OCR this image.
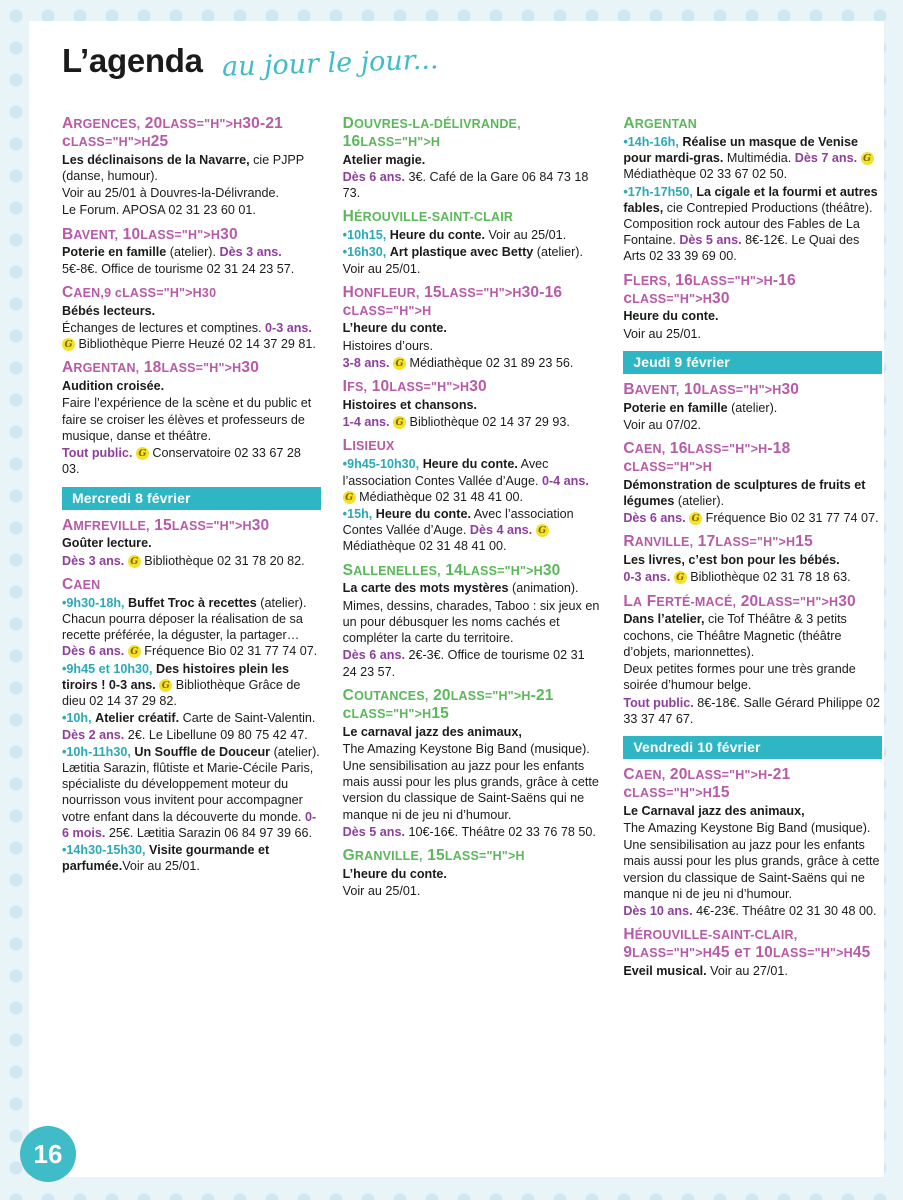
L’agenda au jour le jour...
ARGENCES, 20LASS="H">H30-21 cLASS="H">H25
Les déclinaisons de la Navarre, cie PJPP (danse, humour).
Voir au 25/01 à Douvres-la-Délivrande.
Le Forum. APOSA 02 31 23 60 01.
BAVENT, 10LASS="H">H30
Poterie en famille (atelier). Dès 3 ans. 5€-8€. Office de tourisme 02 31 24 23 57.
CAEN,9 cLASS="H">H30
Bébés lecteurs.
Échanges de lectures et comptines. 0-3 ans. G Bibliothèque Pierre Heuzé 02 14 37 29 81.
ARGENTAN, 18LASS="H">H30
Audition croisée.
Faire l’expérience de la scène et du public et faire se croiser les élèves et professeurs de musique, danse et théâtre.
Tout public. G Conservatoire 02 33 67 28 03.
Mercredi 8 février
AMFREVILLE, 15LASS="H">H30
Goûter lecture.
Dès 3 ans. G Bibliothèque 02 31 78 20 82.
CAEN
•9h30-18h, Buffet Troc à recettes (atelier). Chacun pourra déposer la réalisation de sa recette préférée, la déguster, la partager… Dès 6 ans. G Fréquence Bio 02 31 77 74 07.
•9h45 et 10h30, Des histoires plein les tiroirs ! 0-3 ans. G Bibliothèque Grâce de dieu 02 14 37 29 82.
•10h, Atelier créatif. Carte de Saint-Valentin. Dès 2 ans. 2€. Le Libellune 09 80 75 42 47.
•10h-11h30, Un Souffle de Douceur (atelier). Lætitia Sarazin, flûtiste et Marie-Cécile Paris, spécialiste du développement moteur du nourrisson vous invitent pour accompagner votre enfant dans la découverte du monde. 0-6 mois. 25€. Lætitia Sarazin 06 84 97 39 66.
•14h30-15h30, Visite gourmande et parfumée.Voir au 25/01.
DOUVRES-LA-DÉLIVRANDE, 16LASS="H">H
Atelier magie.
Dès 6 ans. 3€. Café de la Gare 06 84 73 18 73.
HÉROUVILLE-SAINT-CLAIR
•10h15, Heure du conte. Voir au 25/01.
•16h30, Art plastique avec Betty (atelier). Voir au 25/01.
HONFLEUR, 15LASS="H">H30-16 cLASS="H">H
L’heure du conte.
Histoires d’ours.
3-8 ans. G Médiathèque 02 31 89 23 56.
IFS, 10LASS="H">H30
Histoires et chansons.
1-4 ans. G Bibliothèque 02 14 37 29 93.
LISIEUX
•9h45-10h30, Heure du conte. Avec l’association Contes Vallée d’Auge. 0-4 ans. G Médiathèque 02 31 48 41 00.
•15h, Heure du conte. Avec l’association Contes Vallée d’Auge. Dès 4 ans. G Médiathèque 02 31 48 41 00.
SALLENELLES, 14LASS="H">H30
La carte des mots mystères (animation).
Mimes, dessins, charades, Taboo : six jeux en un pour débusquer les noms cachés et compléter la carte du territoire.
Dès 6 ans. 2€-3€. Office de tourisme 02 31 24 23 57.
COUTANCES, 20LASS="H">H-21 cLASS="H">H15
Le carnaval jazz des animaux,
The Amazing Keystone Big Band (musique).
Une sensibilisation au jazz pour les enfants mais aussi pour les plus grands, grâce à cette version du classique de Saint-Saëns qui ne manque ni de jeu ni d’humour.
Dès 5 ans. 10€-16€. Théâtre 02 33 76 78 50.
GRANVILLE, 15LASS="H">H
L’heure du conte.
Voir au 25/01.
ARGENTAN
•14h-16h, Réalise un masque de Venise pour mardi-gras. Multimédia. Dès 7 ans. G Médiathèque 02 33 67 02 50.
•17h-17h50, La cigale et la fourmi et autres fables, cie Contrepied Productions (théâtre). Composition rock autour des Fables de La Fontaine. Dès 5 ans. 8€-12€. Le Quai des Arts 02 33 39 69 00.
FLERS, 16LASS="H">H-16 cLASS="H">H30
Heure du conte.
Voir au 25/01.
Jeudi 9 février
BAVENT, 10LASS="H">H30
Poterie en famille (atelier).
Voir au 07/02.
CAEN, 16LASS="H">H-18 cLASS="H">H
Démonstration de sculptures de fruits et légumes (atelier).
Dès 6 ans. G Fréquence Bio 02 31 77 74 07.
RANVILLE, 17LASS="H">H15
Les livres, c’est bon pour les bébés.
0-3 ans. G Bibliothèque 02 31 78 18 63.
LA FERTÉ-MACÉ, 20LASS="H">H30
Dans l’atelier, cie Tof Théâtre & 3 petits cochons, cie Théâtre Magnetic (théâtre d’objets, marionnettes).
Deux petites formes pour une très grande soirée d’humour belge.
Tout public. 8€-18€. Salle Gérard Philippe 02 33 37 47 67.
Vendredi 10 février
CAEN, 20LASS="H">H-21 cLASS="H">H15
Le Carnaval jazz des animaux,
The Amazing Keystone Big Band (musique).
Une sensibilisation au jazz pour les enfants mais aussi pour les plus grands, grâce à cette version du classique de Saint-Saëns qui ne manque ni de jeu ni d’humour.
Dès 10 ans. 4€-23€. Théâtre 02 31 30 48 00.
HÉROUVILLE-SAINT-CLAIR, 9LASS="H">H45 eT 10LASS="H">H45
Eveil musical. Voir au 27/01.
16
